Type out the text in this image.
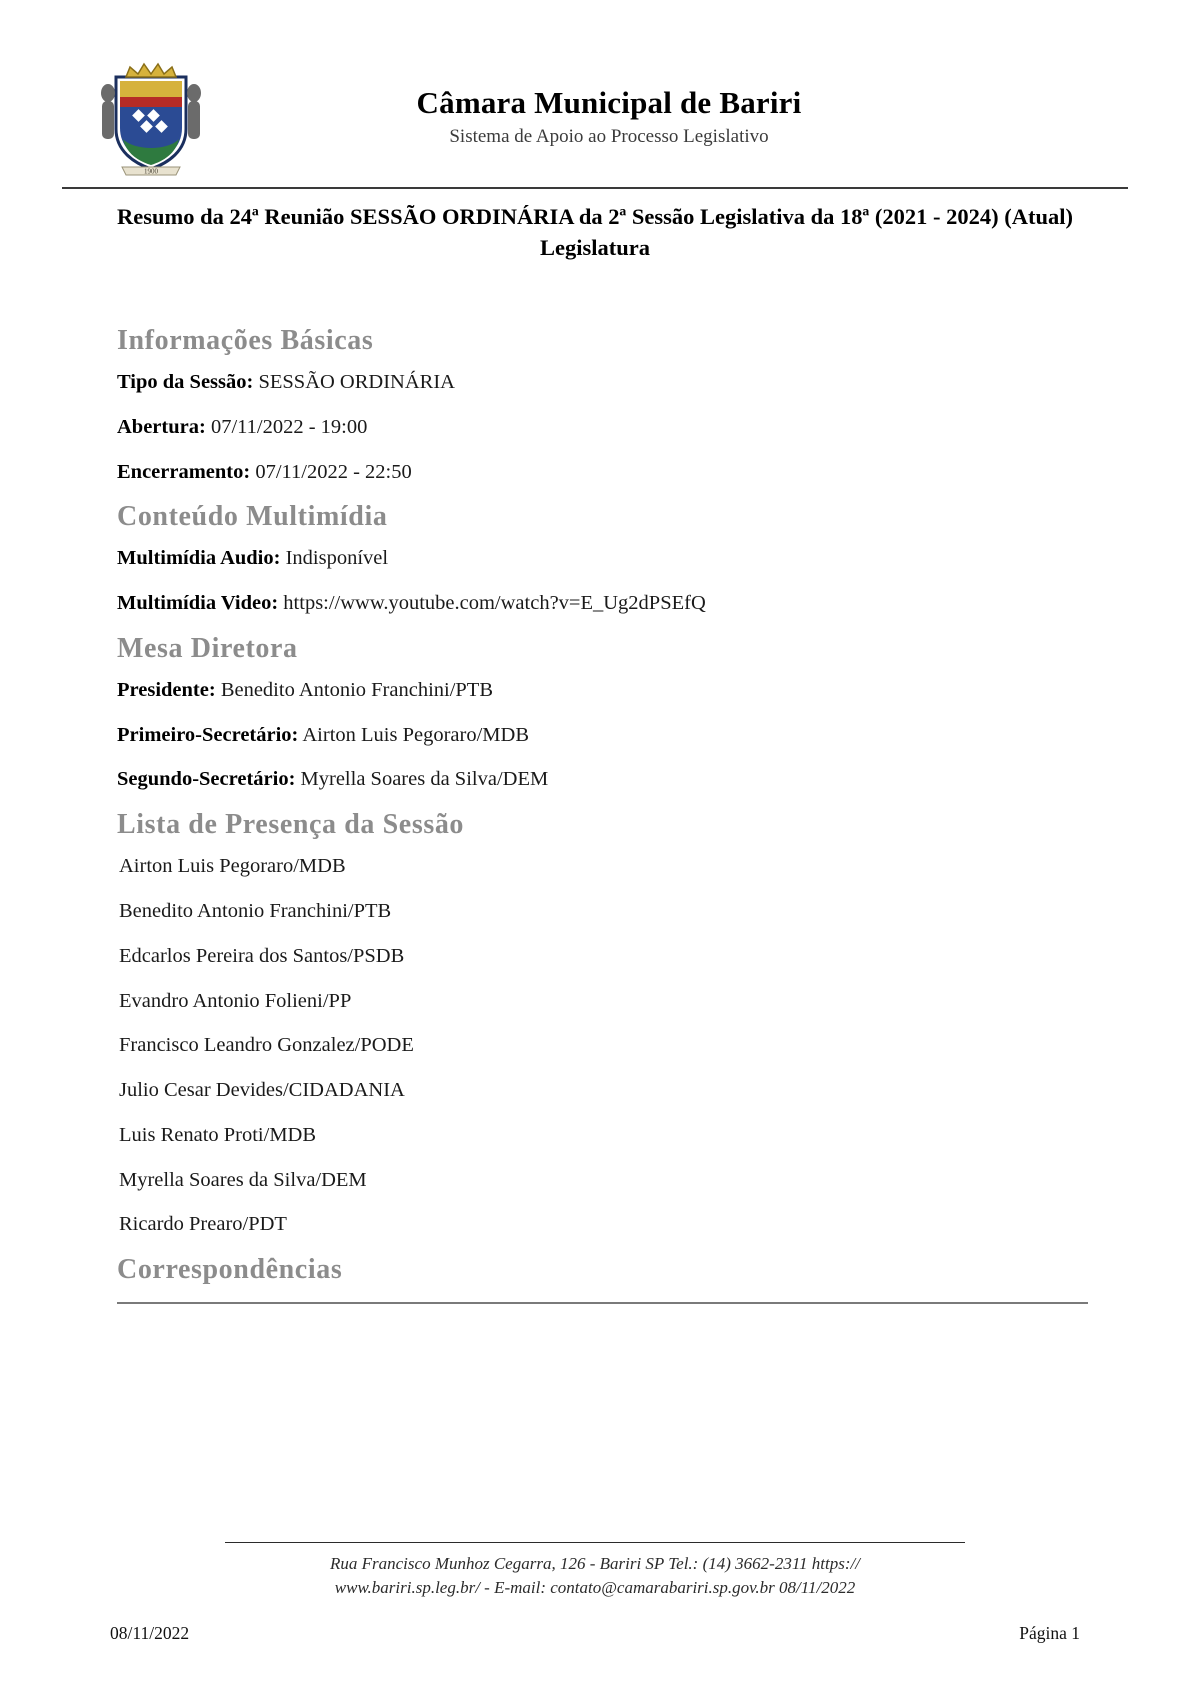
1900
Câmara Municipal de Bariri
Sistema de Apoio ao Processo Legislativo
Resumo da 24ª Reunião SESSÃO ORDINÁRIA da 2ª Sessão Legislativa da 18ª (2021 - 2024) (Atual) Legislatura
Informações Básicas

Tipo da Sessão: SESSÃO ORDINÁRIA

Abertura: 07/11/2022 - 19:00

Encerramento: 07/11/2022 - 22:50

Conteúdo Multimídia

Multimídia Audio: Indisponível

Multimídia Video: https://www.youtube.com/watch?v=E_Ug2dPSEfQ

Mesa Diretora

Presidente: Benedito Antonio Franchini/PTB

Primeiro-Secretário: Airton Luis Pegoraro/MDB

Segundo-Secretário: Myrella Soares da Silva/DEM

Lista de Presença da Sessão

Airton Luis Pegoraro/MDB

Benedito Antonio Franchini/PTB

Edcarlos Pereira dos Santos/PSDB

Evandro Antonio Folieni/PP

Francisco Leandro Gonzalez/PODE

Julio Cesar Devides/CIDADANIA

Luis Renato Proti/MDB

Myrella Soares da Silva/DEM

Ricardo Prearo/PDT

Correspondências
Rua Francisco Munhoz Cegarra, 126 - Bariri SP Tel.: (14) 3662-2311 https://
www.bariri.sp.leg.br/ - E-mail: contato@camarabariri.sp.gov.br 08/11/2022
08/11/2022	Página 1
